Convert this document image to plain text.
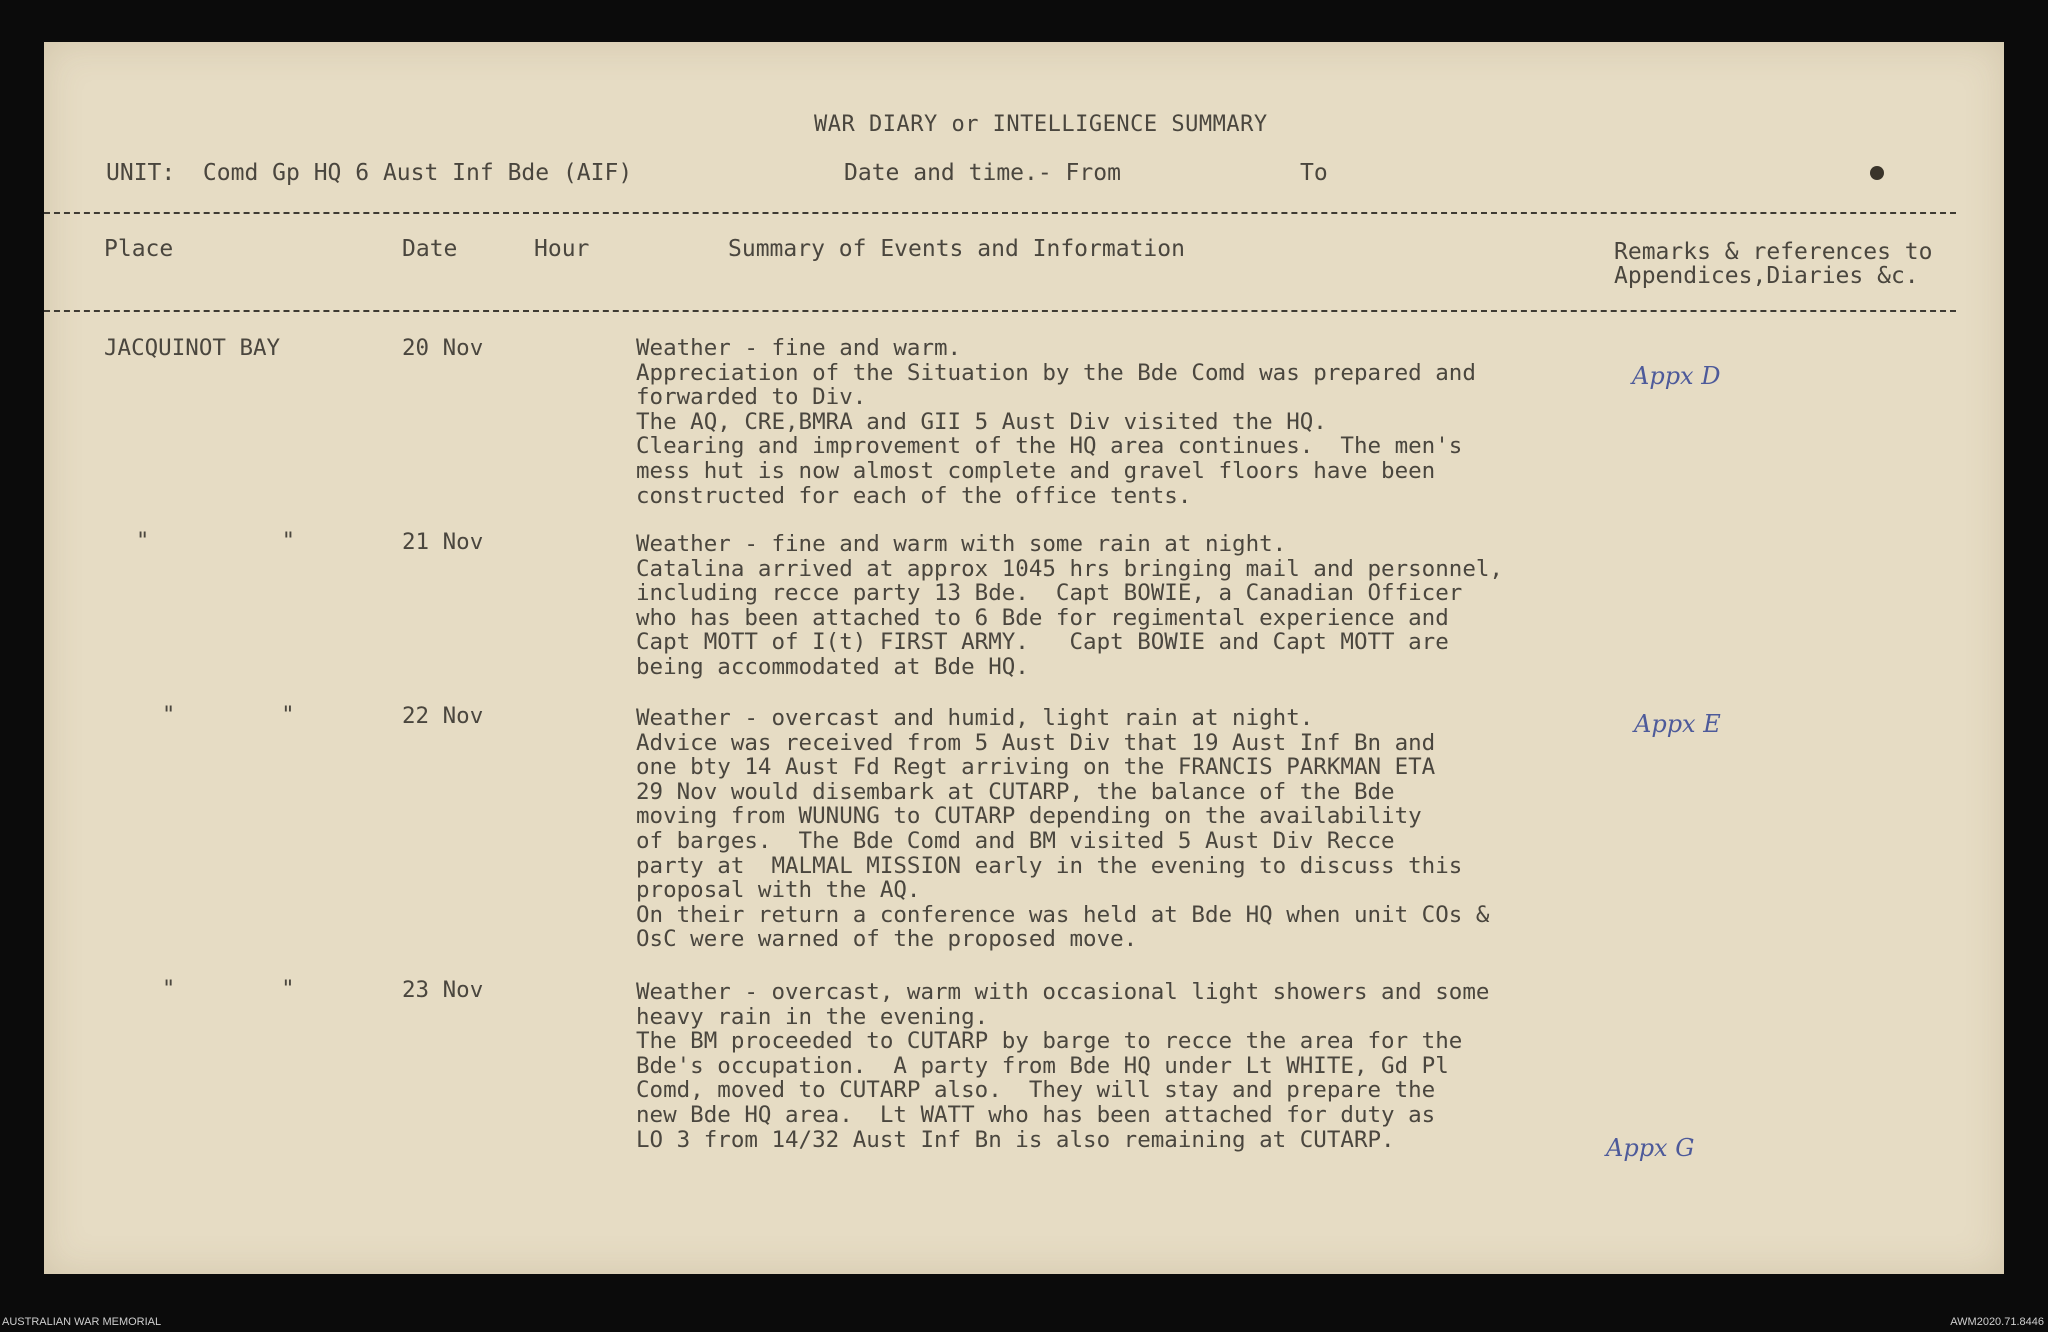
WAR DIARY or INTELLIGENCE SUMMARY
UNIT:  Comd Gp HQ 6 Aust Inf Bde (AIF)	Date and time.- From	To
Place	Date	Hour	Summary of Events and Information	Remarks & references to
Appendices,Diaries &c.
JACQUINOT BAY	20 Nov	Weather - fine and warm.
Appreciation of the Situation by the Bde Comd was prepared and
forwarded to Div.
The AQ, CRE,BMRA and GII 5 Aust Div visited the HQ.
Clearing and improvement of the HQ area continues.  The men's
mess hut is now almost complete and gravel floors have been
constructed for each of the office tents.
Appx D
"          "	21 Nov	Weather - fine and warm with some rain at night.
Catalina arrived at approx 1045 hrs bringing mail and personnel,
including recce party 13 Bde.  Capt BOWIE, a Canadian Officer
who has been attached to 6 Bde for regimental experience and
Capt MOTT of I(t) FIRST ARMY.   Capt BOWIE and Capt MOTT are
being accommodated at Bde HQ.
"        "	22 Nov	Weather - overcast and humid, light rain at night.
Advice was received from 5 Aust Div that 19 Aust Inf Bn and
one bty 14 Aust Fd Regt arriving on the FRANCIS PARKMAN ETA
29 Nov would disembark at CUTARP, the balance of the Bde
moving from WUNUNG to CUTARP depending on the availability
of barges.  The Bde Comd and BM visited 5 Aust Div Recce
party at  MALMAL MISSION early in the evening to discuss this
proposal with the AQ.
On their return a conference was held at Bde HQ when unit COs &
OsC were warned of the proposed move.
Appx E
"        "	23 Nov	Weather - overcast, warm with occasional light showers and some
heavy rain in the evening.
The BM proceeded to CUTARP by barge to recce the area for the
Bde's occupation.  A party from Bde HQ under Lt WHITE, Gd Pl
Comd, moved to CUTARP also.  They will stay and prepare the
new Bde HQ area.  Lt WATT who has been attached for duty as
LO 3 from 14/32 Aust Inf Bn is also remaining at CUTARP.	Appx G
AUSTRALIAN WAR MEMORIAL	AWM2020.71.8446
